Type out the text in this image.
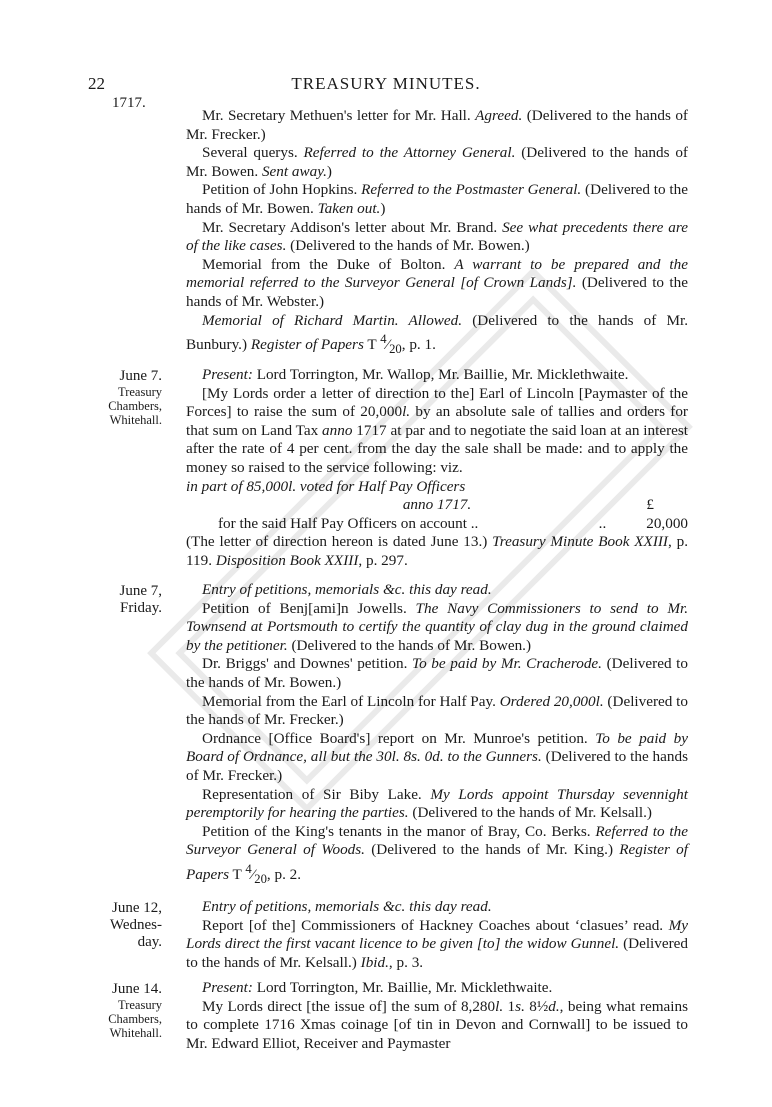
22	TREASURY MINUTES.
1717.

Mr. Secretary Methuen's letter for Mr. Hall. Agreed. (Delivered to the hands of Mr. Frecker.)

Several querys. Referred to the Attorney General. (Delivered to the hands of Mr. Bowen. Sent away.)

Petition of John Hopkins. Referred to the Postmaster General. (Delivered to the hands of Mr. Bowen. Taken out.)

Mr. Secretary Addison's letter about Mr. Brand. See what precedents there are of the like cases. (Delivered to the hands of Mr. Bowen.)

Memorial from the Duke of Bolton. A warrant to be prepared and the memorial referred to the Surveyor General [of Crown Lands]. (Delivered to the hands of Mr. Webster.)

Memorial of Richard Martin. Allowed. (Delivered to the hands of Mr. Bunbury.) Register of Papers T $^4⁄_{20}$, p. 1.

June 7.
Treasury
Chambers,
Whitehall.

Present: Lord Torrington, Mr. Wallop, Mr. Baillie, Mr. Micklethwaite.

[My Lords order a letter of direction to the] Earl of Lincoln [Paymaster of the Forces] to raise the sum of 20,000l. by an absolute sale of tallies and orders for that sum on Land Tax anno 1717 at par and to negotiate the said loan at an interest after the rate of 4 per cent. from the day the sale shall be made: and to apply the money so raised to the service following: viz.

in part of 85,000l. voted for Half Pay Officers

anno 1717.	£
for the said Half Pay Officers on account ..	..	20,000

(The letter of direction hereon is dated June 13.) Treasury Minute Book XXIII, p. 119. Disposition Book XXIII, p. 297.

June 7,
Friday.

Entry of petitions, memorials &c. this day read.

Petition of Benj[ami]n Jowells. The Navy Commissioners to send to Mr. Townsend at Portsmouth to certify the quantity of clay dug in the ground claimed by the petitioner. (Delivered to the hands of Mr. Bowen.)

Dr. Briggs' and Downes' petition. To be paid by Mr. Cracherode. (Delivered to the hands of Mr. Bowen.)

Memorial from the Earl of Lincoln for Half Pay. Ordered 20,000l. (Delivered to the hands of Mr. Frecker.)

Ordnance [Office Board's] report on Mr. Munroe's petition. To be paid by Board of Ordnance, all but the 30l. 8s. 0d. to the Gunners. (Delivered to the hands of Mr. Frecker.)

Representation of Sir Biby Lake. My Lords appoint Thursday sevennight peremptorily for hearing the parties. (Delivered to the hands of Mr. Kelsall.)

Petition of the King's tenants in the manor of Bray, Co. Berks. Referred to the Surveyor General of Woods. (Delivered to the hands of Mr. King.) Register of Papers T $^4⁄_{20}$, p. 2.

June 12,
Wednes-
day.

Entry of petitions, memorials &c. this day read.

Report [of the] Commissioners of Hackney Coaches about ‘clasues’ read. My Lords direct the first vacant licence to be given [to] the widow Gunnel. (Delivered to the hands of Mr. Kelsall.) Ibid., p. 3.

June 14.
Treasury
Chambers,
Whitehall.

Present: Lord Torrington, Mr. Baillie, Mr. Micklethwaite.

My Lords direct [the issue of] the sum of 8,280l. 1s. 8½d., being what remains to complete 1716 Xmas coinage [of tin in Devon and Cornwall] to be issued to Mr. Edward Elliot, Receiver and Paymaster
